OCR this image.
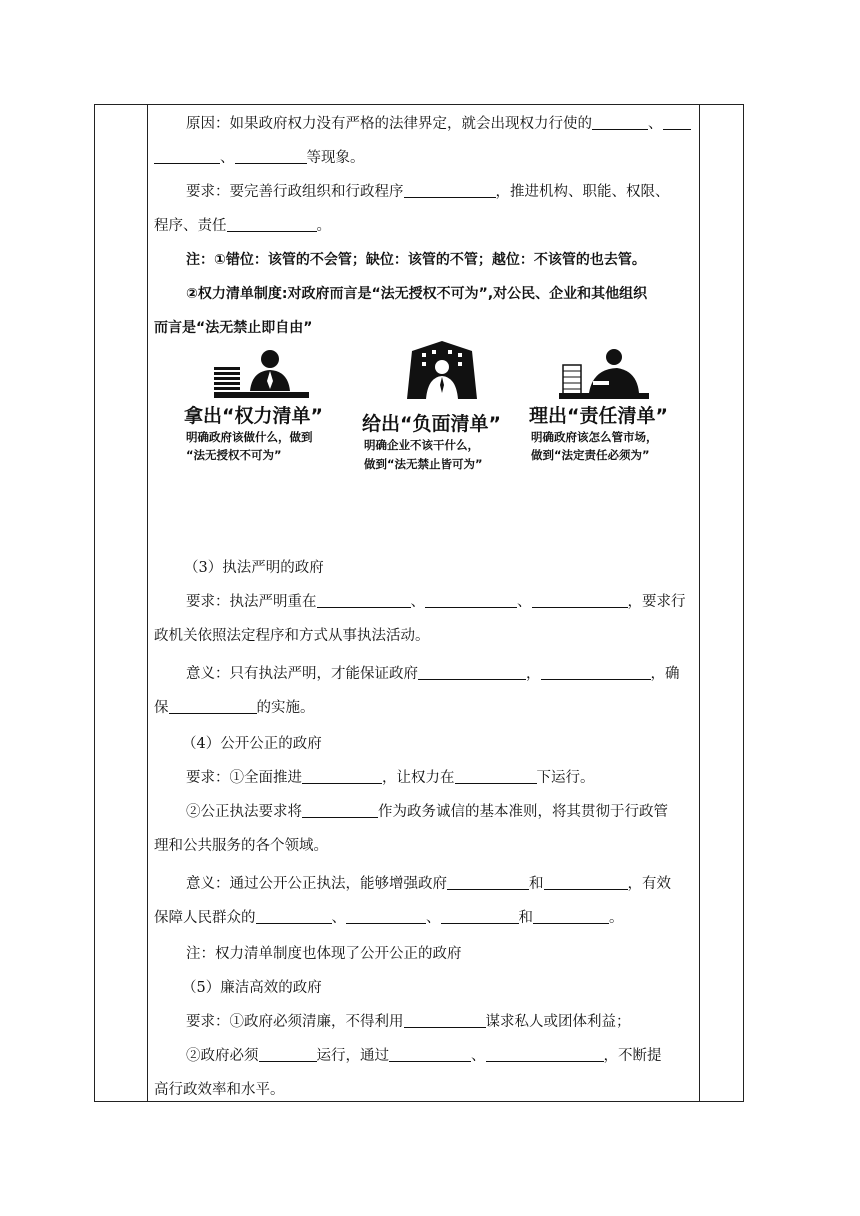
原因：如果政府权力没有严格的法律界定，就会出现权力行使的	、
、	等现象。
要求：要完善行政组织和行政程序	，推进机构、职能、权限、
程序、责任	。
注：①错位：该管的不会管；缺位：该管的不管；越位：不该管的也去管。
②权力清单制度:对政府而言是“法无授权不可为”,对公民、企业和其他组织
而言是“法无禁止即自由”
拿出“权力清单”
明确政府该做什么，做到
“法无授权不可为”
给出“负面清单”
明确企业不该干什么，
做到“法无禁止皆可为”
理出“责任清单”
明确政府该怎么管市场，
做到“法定责任必须为”
（3）执法严明的政府
要求：执法严明重在	、	、	，要求行
政机关依照法定程序和方式从事执法活动。
意义：只有执法严明，才能保证政府	，	，确
保	的实施。
（4）公开公正的政府
要求：①全面推进	，让权力在	下运行。
②公正执法要求将	作为政务诚信的基本准则，将其贯彻于行政管
理和公共服务的各个领域。
意义：通过公开公正执法，能够增强政府	和	，有效
保障人民群众的	、	、	和	。
注：权力清单制度也体现了公开公正的政府
（5）廉洁高效的政府
要求：①政府必须清廉，不得利用	谋求私人或团体利益；
②政府必须	运行，通过	、	，不断提
高行政效率和水平。
